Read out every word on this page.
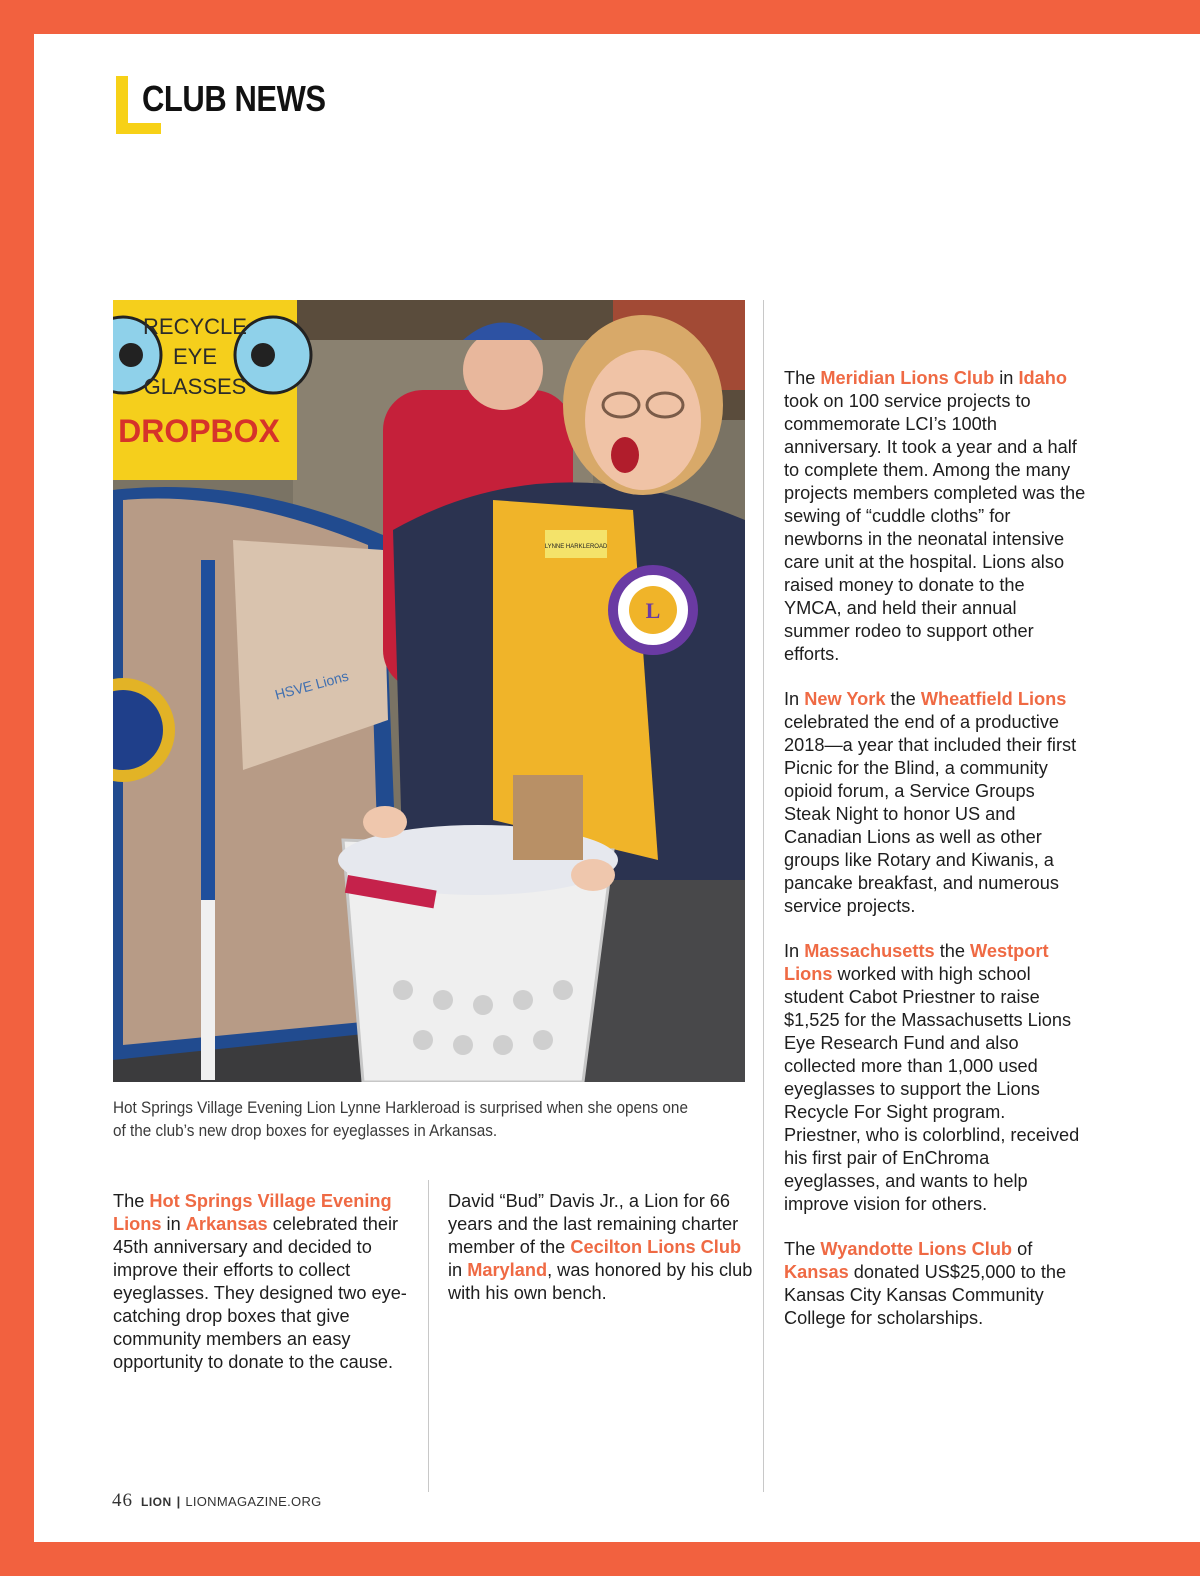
CLUB NEWS
RECYCLE
EYE
GLASSES
DROPBOX
HSVE Lions
LYNNE HARKLEROAD
L
Hot Springs Village Evening Lion Lynne Harkleroad is surprised when she opens one of the club’s new drop boxes for eyeglasses in Arkansas.

The Hot Springs Village Evening Lions in Arkansas celebrated their 45th anniversary and decided to improve their efforts to collect eyeglasses. They designed two eye-catching drop boxes that give community members an easy opportunity to donate to the cause.

David “Bud” Davis Jr., a Lion for 66 years and the last remaining charter member of the Cecilton Lions Club in Maryland, was honored by his club with his own bench.

The Meridian Lions Club in Idaho took on 100 service projects to commemorate LCI’s 100th anniversary. It took a year and a half to complete them. Among the many projects members completed was the sewing of “cuddle cloths” for newborns in the neonatal intensive care unit at the hospital. Lions also raised money to donate to the YMCA, and held their annual summer rodeo to support other efforts.

In New York the Wheatfield Lions celebrated the end of a productive 2018—a year that included their first Picnic for the Blind, a community opioid forum, a Service Groups Steak Night to honor US and Canadian Lions as well as other groups like Rotary and Kiwanis, a pancake breakfast, and numerous service projects.

In Massachusetts the Westport Lions worked with high school student Cabot Priestner to raise $1,525 for the Massachusetts Lions Eye Research Fund and also collected more than 1,000 used eyeglasses to support the Lions Recycle For Sight program. Priestner, who is colorblind, received his first pair of EnChroma eyeglasses, and wants to help improve vision for others.

The Wyandotte Lions Club of Kansas donated US$25,000 to the Kansas City Kansas Community College for scholarships.

46 LION | LIONMAGAZINE.ORG
